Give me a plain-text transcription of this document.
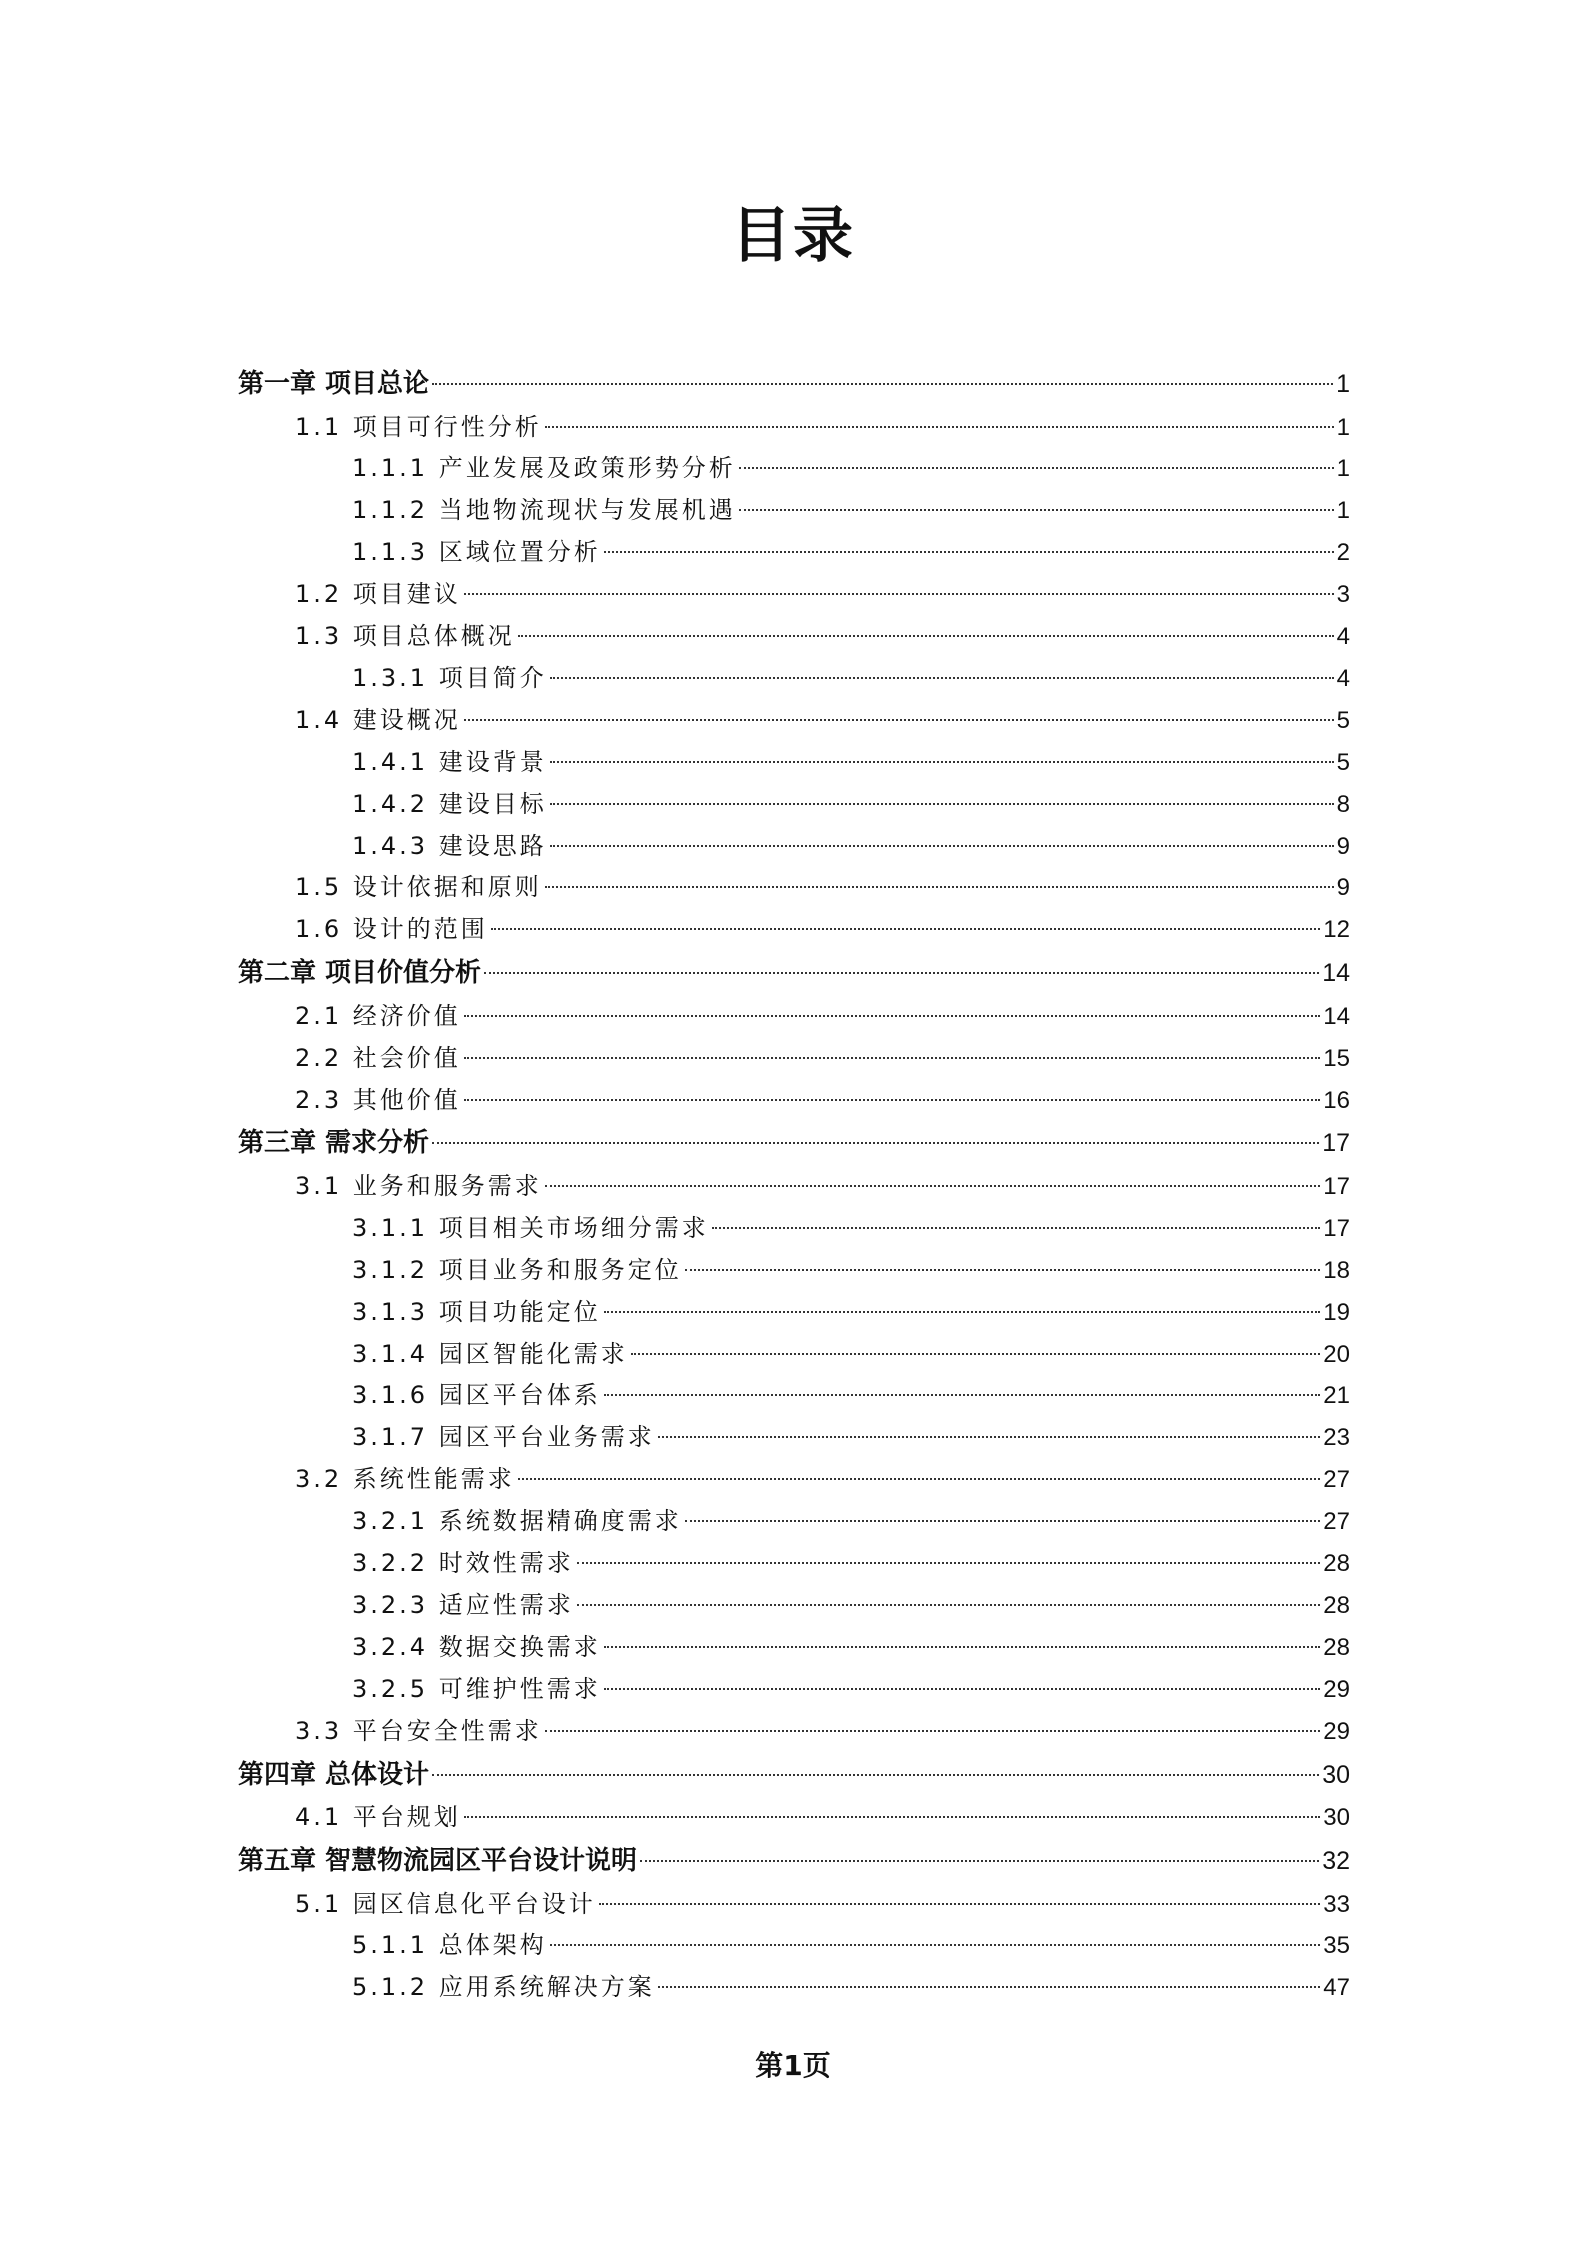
目录
第一章 项目总论	1
1.1 项目可行性分析	1
1.1.1 产业发展及政策形势分析	1
1.1.2 当地物流现状与发展机遇	1
1.1.3 区域位置分析	2
1.2 项目建议	3
1.3 项目总体概况	4
1.3.1 项目简介	4
1.4 建设概况	5
1.4.1 建设背景	5
1.4.2 建设目标	8
1.4.3 建设思路	9
1.5 设计依据和原则	9
1.6 设计的范围	12
第二章 项目价值分析	14
2.1 经济价值	14
2.2 社会价值	15
2.3 其他价值	16
第三章 需求分析	17
3.1 业务和服务需求	17
3.1.1 项目相关市场细分需求	17
3.1.2 项目业务和服务定位	18
3.1.3 项目功能定位	19
3.1.4 园区智能化需求	20
3.1.6 园区平台体系	21
3.1.7 园区平台业务需求	23
3.2 系统性能需求	27
3.2.1 系统数据精确度需求	27
3.2.2 时效性需求	28
3.2.3 适应性需求	28
3.2.4 数据交换需求	28
3.2.5 可维护性需求	29
3.3 平台安全性需求	29
第四章 总体设计	30
4.1 平台规划	30
第五章 智慧物流园区平台设计说明	32
5.1 园区信息化平台设计	33
5.1.1 总体架构	35
5.1.2 应用系统解决方案	47
第1页
